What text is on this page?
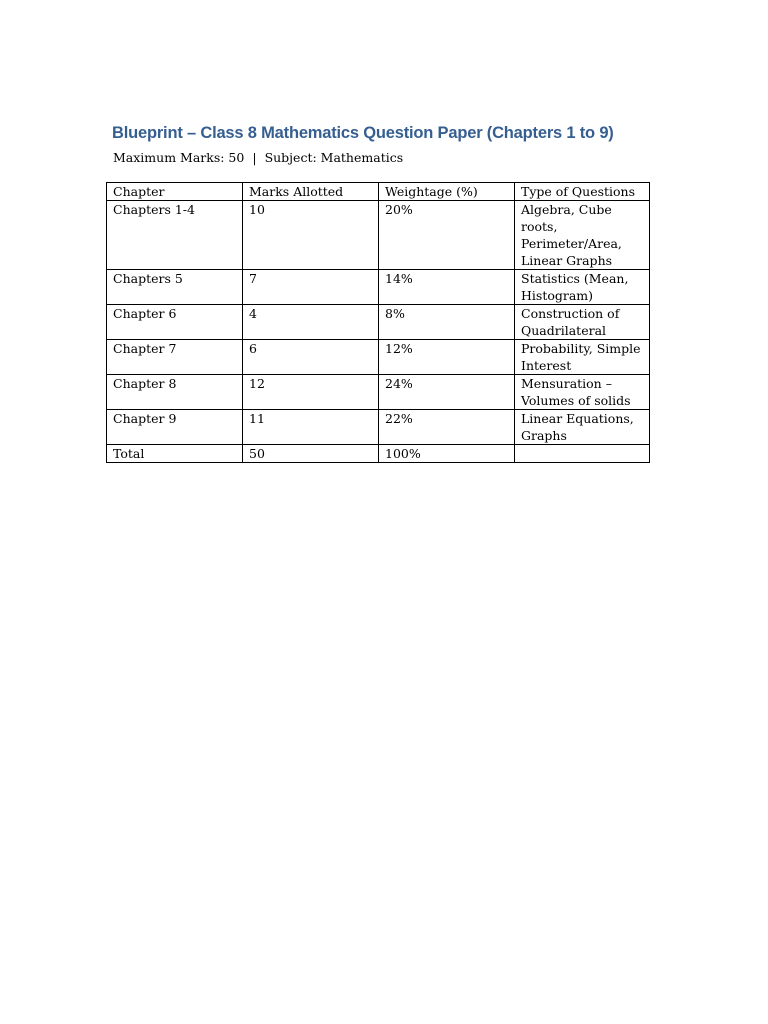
Blueprint – Class 8 Mathematics Question Paper (Chapters 1 to 9)
Maximum Marks: 50 | Subject: Mathematics
Chapter	Marks Allotted	Weightage (%)	Type of Questions
Chapters 1-4	10	20%	Algebra, Cube roots, Perimeter/Area, Linear Graphs
Chapters 5	7	14%	Statistics (Mean, Histogram)
Chapter 6	4	8%	Construction of Quadrilateral
Chapter 7	6	12%	Probability, Simple Interest
Chapter 8	12	24%	Mensuration – Volumes of solids
Chapter 9	11	22%	Linear Equations, Graphs
Total	50	100%	
